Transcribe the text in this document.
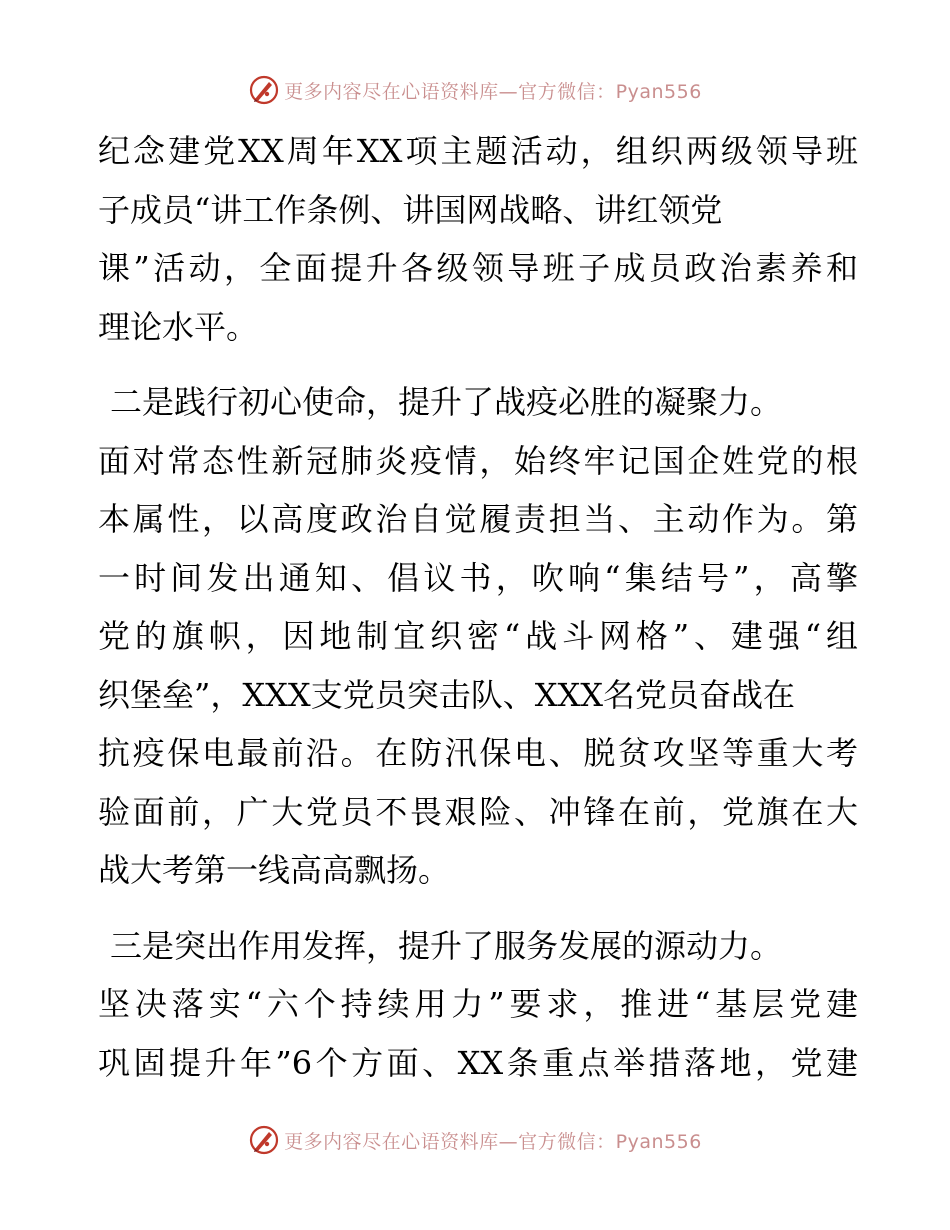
更多内容尽在心语资料库—官方微信：Pyan556
纪念建党XX周年XX项主题活动，组织两级领导班
子成员“讲工作条例、讲国网战略、讲红领党
课”活动，全面提升各级领导班子成员政治素养和
理论水平。
二是践行初心使命，提升了战疫必胜的凝聚力。
面对常态性新冠肺炎疫情，始终牢记国企姓党的根
本属性，以高度政治自觉履责担当、主动作为。第
一时间发出通知、倡议书，吹响“集结号”，高擎
党的旗帜，因地制宜织密“战斗网格”、建强“组
织堡垒”，XXX支党员突击队、XXX名党员奋战在
抗疫保电最前沿。在防汛保电、脱贫攻坚等重大考
验面前，广大党员不畏艰险、冲锋在前，党旗在大
战大考第一线高高飘扬。
三是突出作用发挥，提升了服务发展的源动力。
坚决落实“六个持续用力”要求，推进“基层党建
巩固提升年”6个方面、XX条重点举措落地，党建
更多内容尽在心语资料库—官方微信：Pyan556
